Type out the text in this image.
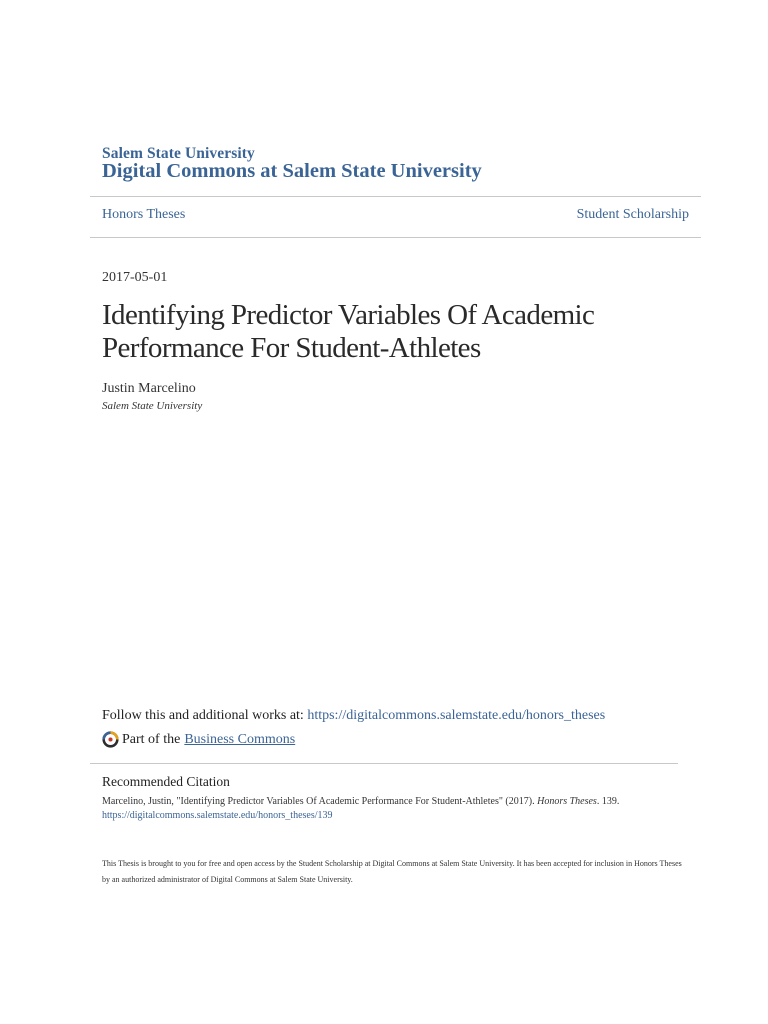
Salem State University
Digital Commons at Salem State University
Honors Theses	Student Scholarship
2017-05-01
Identifying Predictor Variables Of Academic Performance For Student-Athletes
Justin Marcelino
Salem State University
Follow this and additional works at: https://digitalcommons.salemstate.edu/honors_theses
Part of the Business Commons
Recommended Citation
Marcelino, Justin, "Identifying Predictor Variables Of Academic Performance For Student-Athletes" (2017). Honors Theses. 139.
https://digitalcommons.salemstate.edu/honors_theses/139
This Thesis is brought to you for free and open access by the Student Scholarship at Digital Commons at Salem State University. It has been accepted for inclusion in Honors Theses by an authorized administrator of Digital Commons at Salem State University.
